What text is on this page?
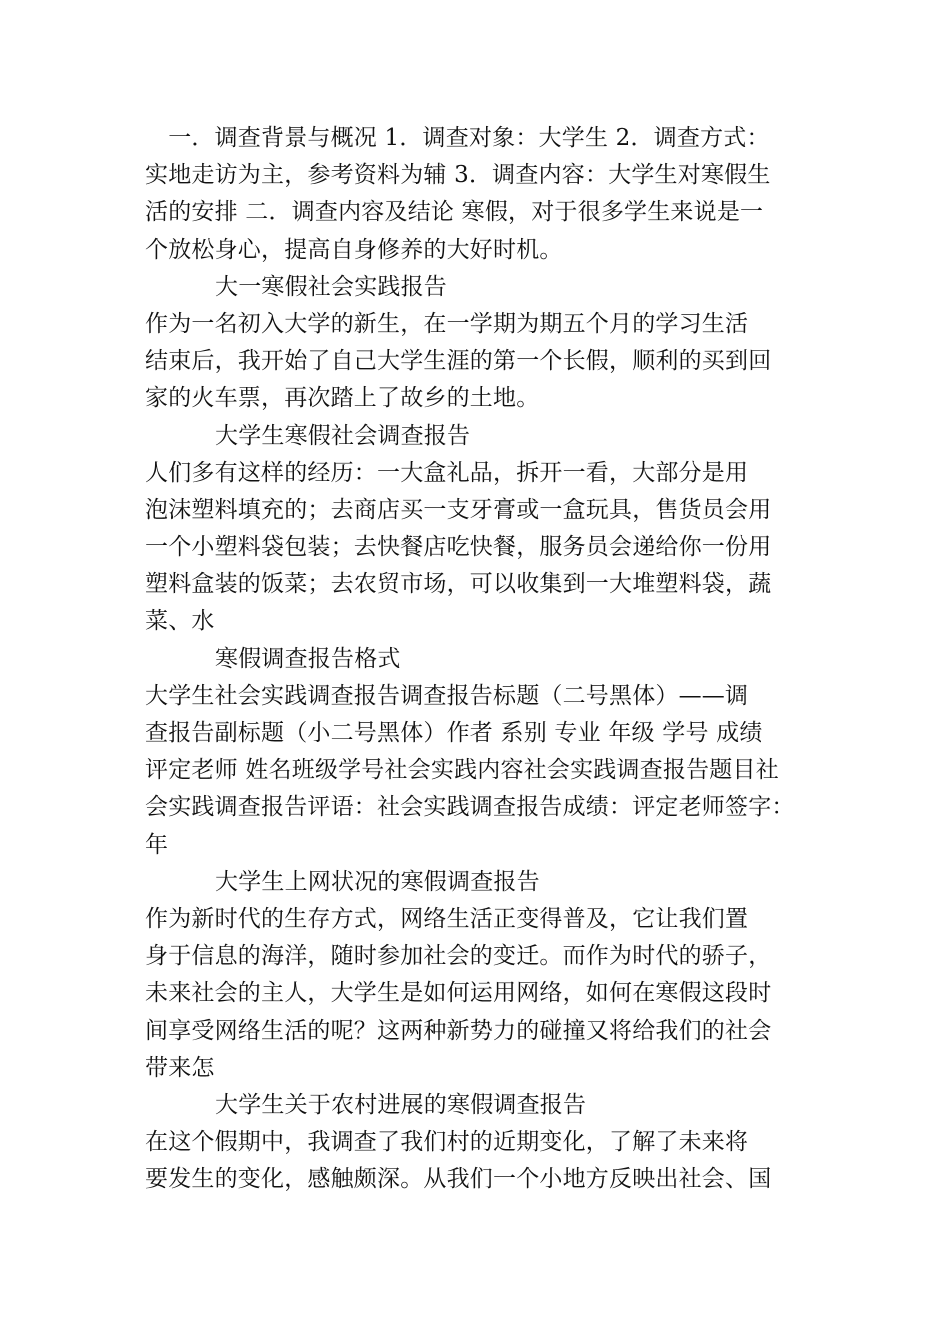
　一．调查背景与概况 1．调查对象：大学生 2．调查方式：
实地走访为主，参考资料为辅 3．调查内容：大学生对寒假生
活的安排 二．调查内容及结论 寒假，对于很多学生来说是一
个放松身心，提高自身修养的大好时机。
大一寒假社会实践报告
作为一名初入大学的新生，在一学期为期五个月的学习生活
结束后，我开始了自己大学生涯的第一个长假，顺利的买到回
家的火车票，再次踏上了故乡的土地。
大学生寒假社会调查报告
人们多有这样的经历：一大盒礼品，拆开一看，大部分是用
泡沫塑料填充的；去商店买一支牙膏或一盒玩具，售货员会用
一个小塑料袋包装；去快餐店吃快餐，服务员会递给你一份用
塑料盒装的饭菜；去农贸市场，可以收集到一大堆塑料袋，蔬
菜、水
寒假调查报告格式
大学生社会实践调查报告调查报告标题（二号黑体）——调
查报告副标题（小二号黑体）作者 系别 专业 年级 学号 成绩
评定老师 姓名班级学号社会实践内容社会实践调查报告题目社
会实践调查报告评语：社会实践调查报告成绩：评定老师签字：
年
大学生上网状况的寒假调查报告
作为新时代的生存方式，网络生活正变得普及，它让我们置
身于信息的海洋，随时参加社会的变迁。而作为时代的骄子，
未来社会的主人，大学生是如何运用网络，如何在寒假这段时
间享受网络生活的呢？这两种新势力的碰撞又将给我们的社会
带来怎
大学生关于农村进展的寒假调查报告
在这个假期中，我调查了我们村的近期变化，了解了未来将
要发生的变化，感触颇深。从我们一个小地方反映出社会、国
